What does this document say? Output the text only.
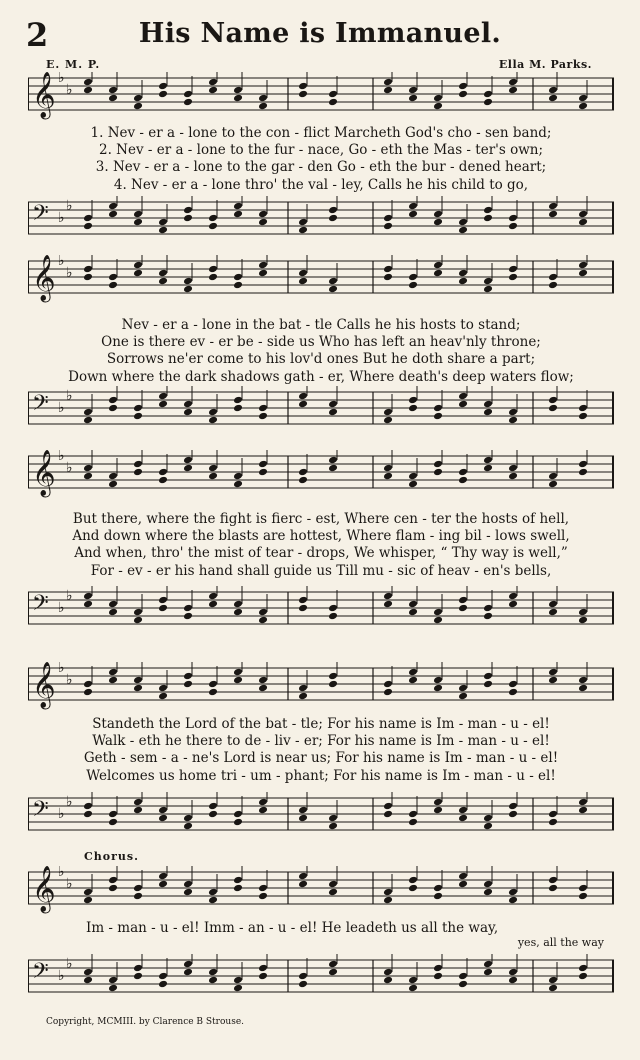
2	His Name is Immanuel.
E. M. P.	Ella M. Parks.
𝄞 ♭
♭
1. Nev - er a - lone to the con - flict Marcheth God's cho - sen band;
2. Nev - er a - lone to the fur - nace, Go - eth the Mas - ter's own;
3. Nev - er a - lone to the gar - den Go - eth the bur - dened heart;
4. Nev - er a - lone thro' the val - ley, Calls he his child to go,
𝄢 ♭
♭
𝄞 ♭
♭
Nev - er a - lone in the bat - tle Calls he his hosts to stand;
One is there ev - er be - side us Who has left an heav'nly throne;
Sorrows ne'er come to his lov'd ones But he doth share a part;
Down where the dark shadows gath - er, Where death's deep waters flow;
𝄢 ♭
♭
𝄞 ♭
♭
But there, where the fight is fierc - est, Where cen - ter the hosts of hell,
And down where the blasts are hottest, Where flam - ing bil - lows swell,
And when, thro' the mist of tear - drops, We whisper, “ Thy way is well,”
For - ev - er his hand shall guide us Till mu - sic of heav - en's bells,
𝄢 ♭
♭
𝄞 ♭
♭
Standeth the Lord of the bat - tle; For his name is Im - man - u - el!
Walk - eth he there to de - liv - er; For his name is Im - man - u - el!
Geth - sem - a - ne's Lord is near us; For his name is Im - man - u - el!
Welcomes us home tri - um - phant; For his name is Im - man - u - el!
𝄢 ♭
♭
Chorus.
𝄞 ♭
♭
Im - man - u - el! Imm - an - u - el! He leadeth us all the way,
𝄢 ♭
♭
yes, all the way
Copyright, MCMIII. by Clarence B Strouse.
